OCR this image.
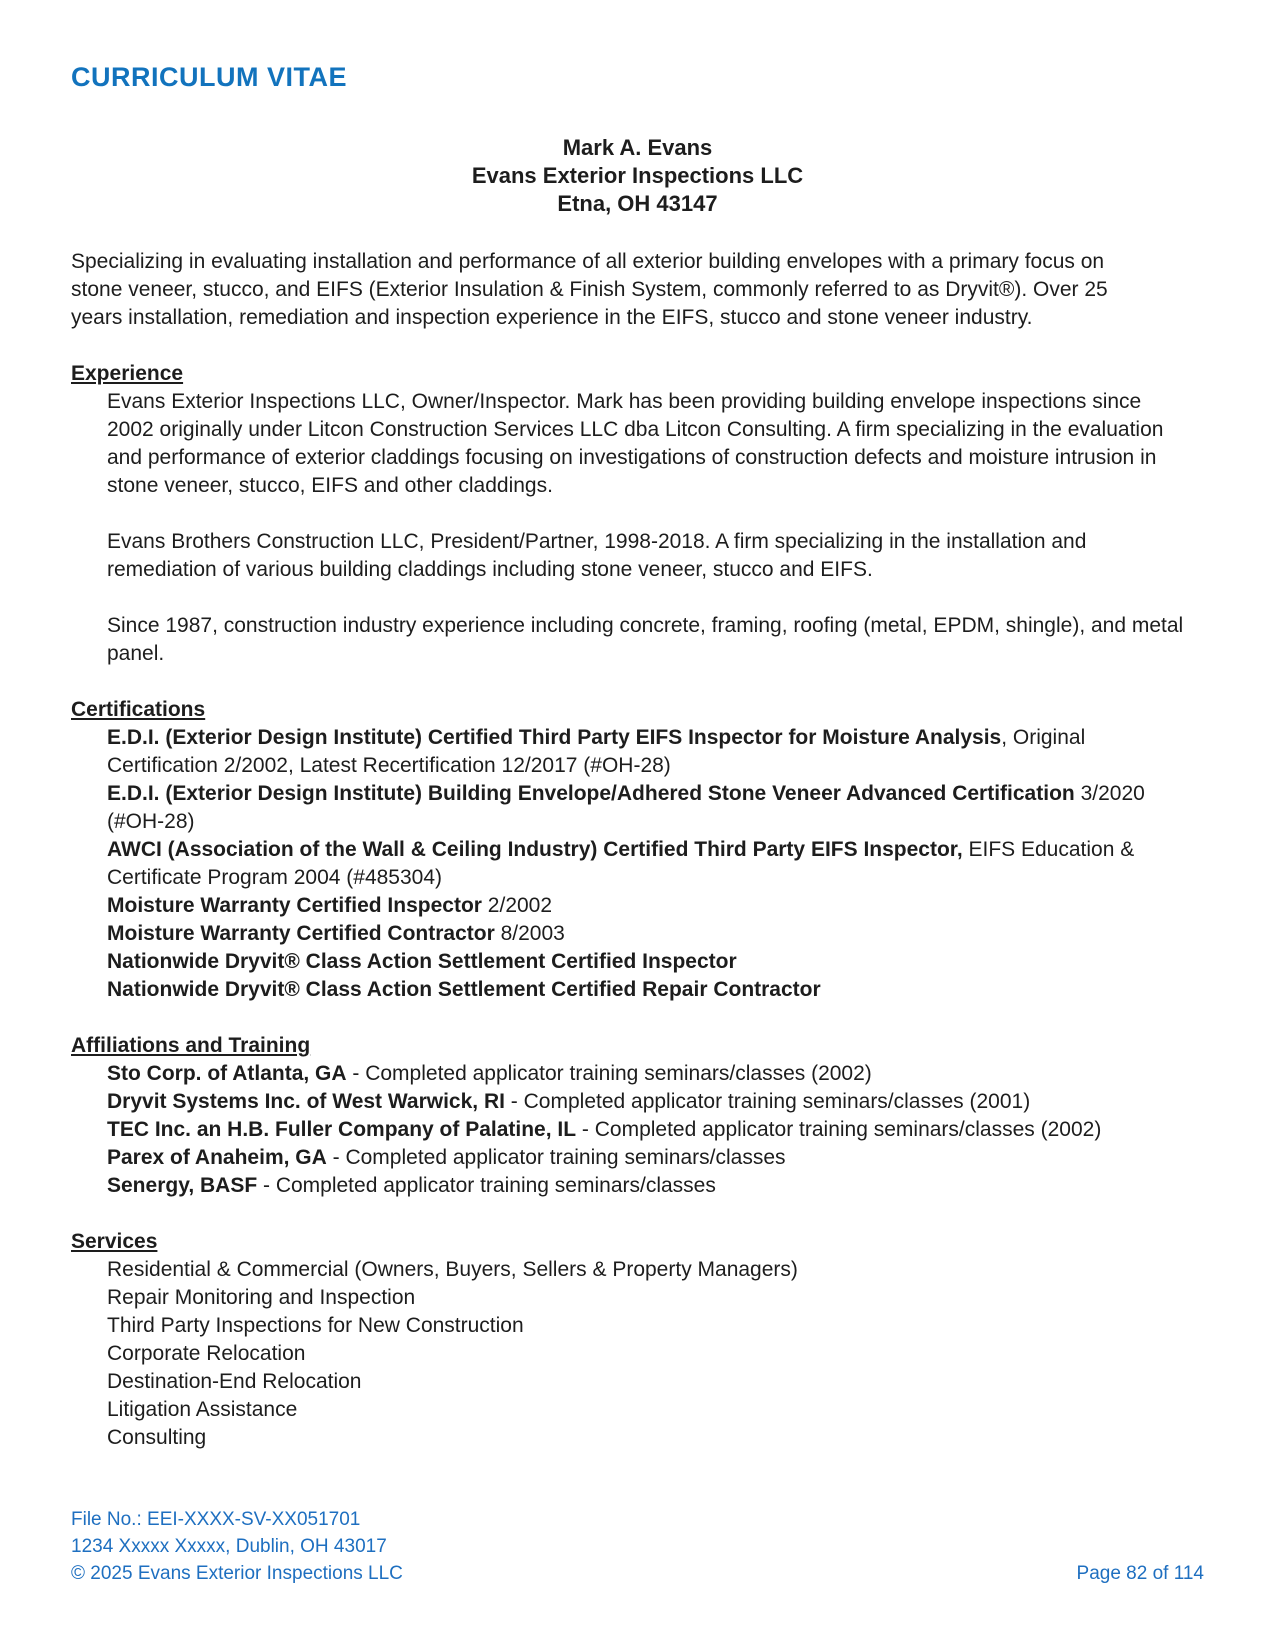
CURRICULUM VITAE
Mark A. Evans
Evans Exterior Inspections LLC
Etna, OH 43147
Specializing in evaluating installation and performance of all exterior building envelopes with a primary focus on stone veneer, stucco, and EIFS (Exterior Insulation & Finish System, commonly referred to as Dryvit®). Over 25 years installation, remediation and inspection experience in the EIFS, stucco and stone veneer industry.
Experience

Evans Exterior Inspections LLC, Owner/Inspector. Mark has been providing building envelope inspections since 2002 originally under Litcon Construction Services LLC dba Litcon Consulting. A firm specializing in the evaluation and performance of exterior claddings focusing on investigations of construction defects and moisture intrusion in stone veneer, stucco, EIFS and other claddings.

Evans Brothers Construction LLC, President/Partner, 1998-2018. A firm specializing in the installation and remediation of various building claddings including stone veneer, stucco and EIFS.

Since 1987, construction industry experience including concrete, framing, roofing (metal, EPDM, shingle), and metal panel.

Certifications
E.D.I. (Exterior Design Institute) Certified Third Party EIFS Inspector for Moisture Analysis, Original Certification 2/2002, Latest Recertification 12/2017 (#OH-28)
E.D.I. (Exterior Design Institute) Building Envelope/Adhered Stone Veneer Advanced Certification 3/2020 (#OH-28)
AWCI (Association of the Wall & Ceiling Industry) Certified Third Party EIFS Inspector, EIFS Education & Certificate Program 2004 (#485304)
Moisture Warranty Certified Inspector 2/2002
Moisture Warranty Certified Contractor 8/2003
Nationwide Dryvit® Class Action Settlement Certified Inspector
Nationwide Dryvit® Class Action Settlement Certified Repair Contractor
Affiliations and Training
Sto Corp. of Atlanta, GA - Completed applicator training seminars/classes (2002)
Dryvit Systems Inc. of West Warwick, RI - Completed applicator training seminars/classes (2001)
TEC Inc. an H.B. Fuller Company of Palatine, IL - Completed applicator training seminars/classes (2002)
Parex of Anaheim, GA - Completed applicator training seminars/classes
Senergy, BASF - Completed applicator training seminars/classes
Services
Residential & Commercial (Owners, Buyers, Sellers & Property Managers)
Repair Monitoring and Inspection
Third Party Inspections for New Construction
Corporate Relocation
Destination-End Relocation
Litigation Assistance
Consulting
File No.: EEI-XXXX-SV-XX051701
1234 Xxxxx Xxxxx, Dublin, OH 43017
© 2025 Evans Exterior Inspections LLC	Page 82 of 114
